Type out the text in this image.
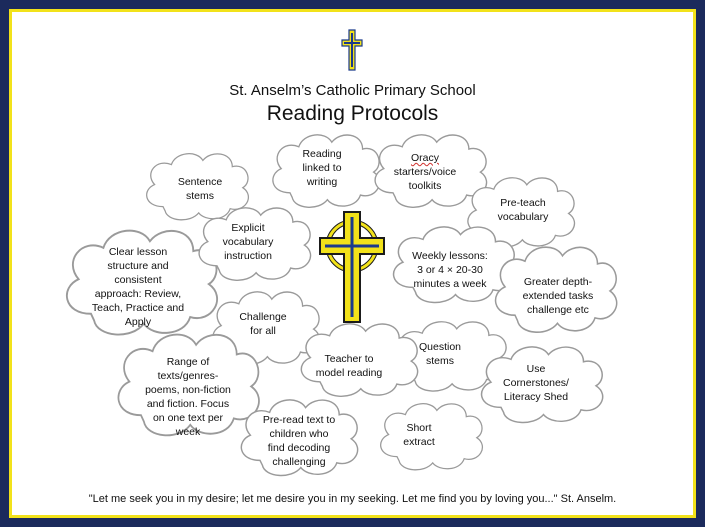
St. Anselm’s Catholic Primary School
Reading Protocols
Reading
linked to
writing
Oracy
starters/voice
toolkits
Sentence
stems
Pre-teach
vocabulary
Explicit
vocabulary
instruction
Clear lesson
structure and
consistent
approach: Review,
Teach, Practice and
Apply
Weekly lessons:
3 or 4 × 20-30
minutes a week	Greater depth-
extended tasks
challenge etc
Challenge
for all
Question
stems
Teacher to
model reading
Range of
texts/genres-
poems, non-fiction
and fiction. Focus
on one text per
week
Use
Cornerstones/
Literacy Shed
Pre-read text to
children who
find decoding
challenging
Short
extract
"Let me seek you in my desire; let me desire you in my seeking. Let me find you by loving you..." St. Anselm.
